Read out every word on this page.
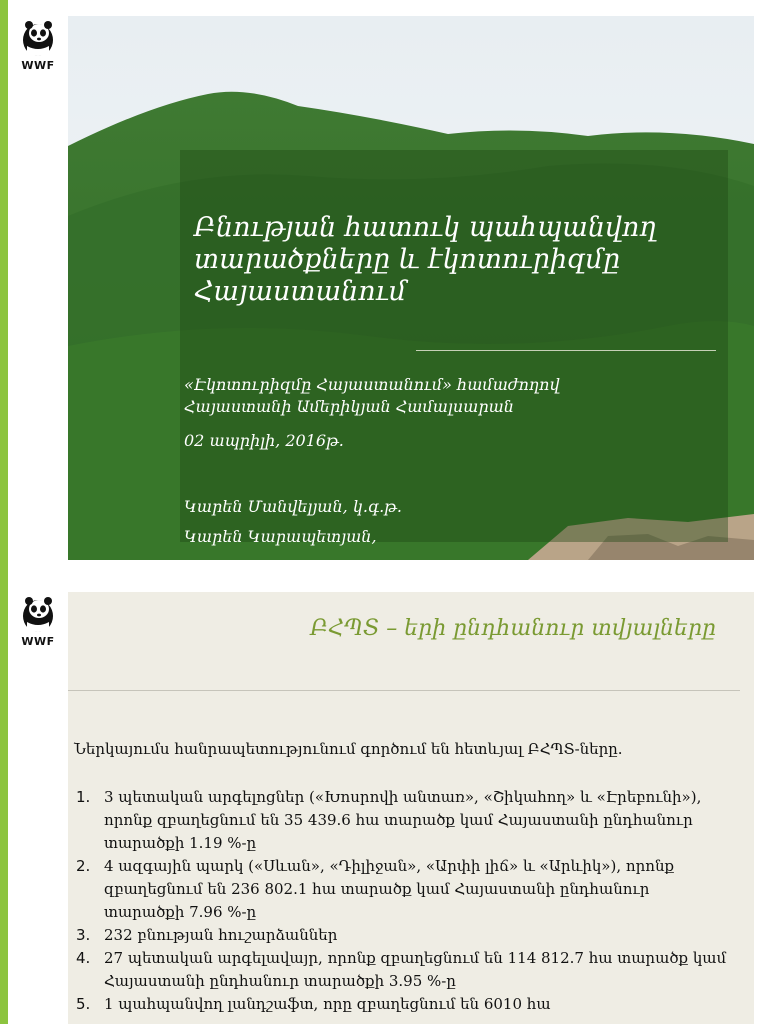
WWF
Բնության հատուկ պահպանվող տարածքները և էկոտուրիզմը Հայաստանում
«Էկոտուրիզմը Հայաստանում» համաժողով
Հայաստանի Ամերիկյան Համալսարան
02 ապրիլի, 2016թ.
Կարեն Մանվելյան, կ.գ.թ.
Կարեն Կարապետյան,
WWF
ԲՀՊՏ – երի ընդհանուր տվյալները
Ներկայումս հանրապետությունում գործում են հետևյալ ԲՀՊՏ-ները.
1. 3 պետական արգելոցներ («Խոսրովի անտառ», «Շիկահող» և «Էրեբունի»), որոնք զբաղեցնում են 35 439.6 հա տարածք կամ Հայաստանի ընդհանուր տարածքի 1.19 %-ը
2. 4 ազգային պարկ («Սևան», «Դիլիջան», «Արփի լիճ» և «Արևիկ»), որոնք զբաղեցնում են 236 802.1 հա տարածք կամ Հայաստանի ընդհանուր տարածքի 7.96 %-ը
3. 232 բնության հուշարձաններ
4. 27 պետական արգելավայր, որոնք զբաղեցնում են 114 812.7 հա տարածք կամ Հայաստանի ընդհանուր տարածքի 3.95 %-ը
5. 1 պահպանվող լանդշաֆտ, որը զբաղեցնում են 6010 հա
